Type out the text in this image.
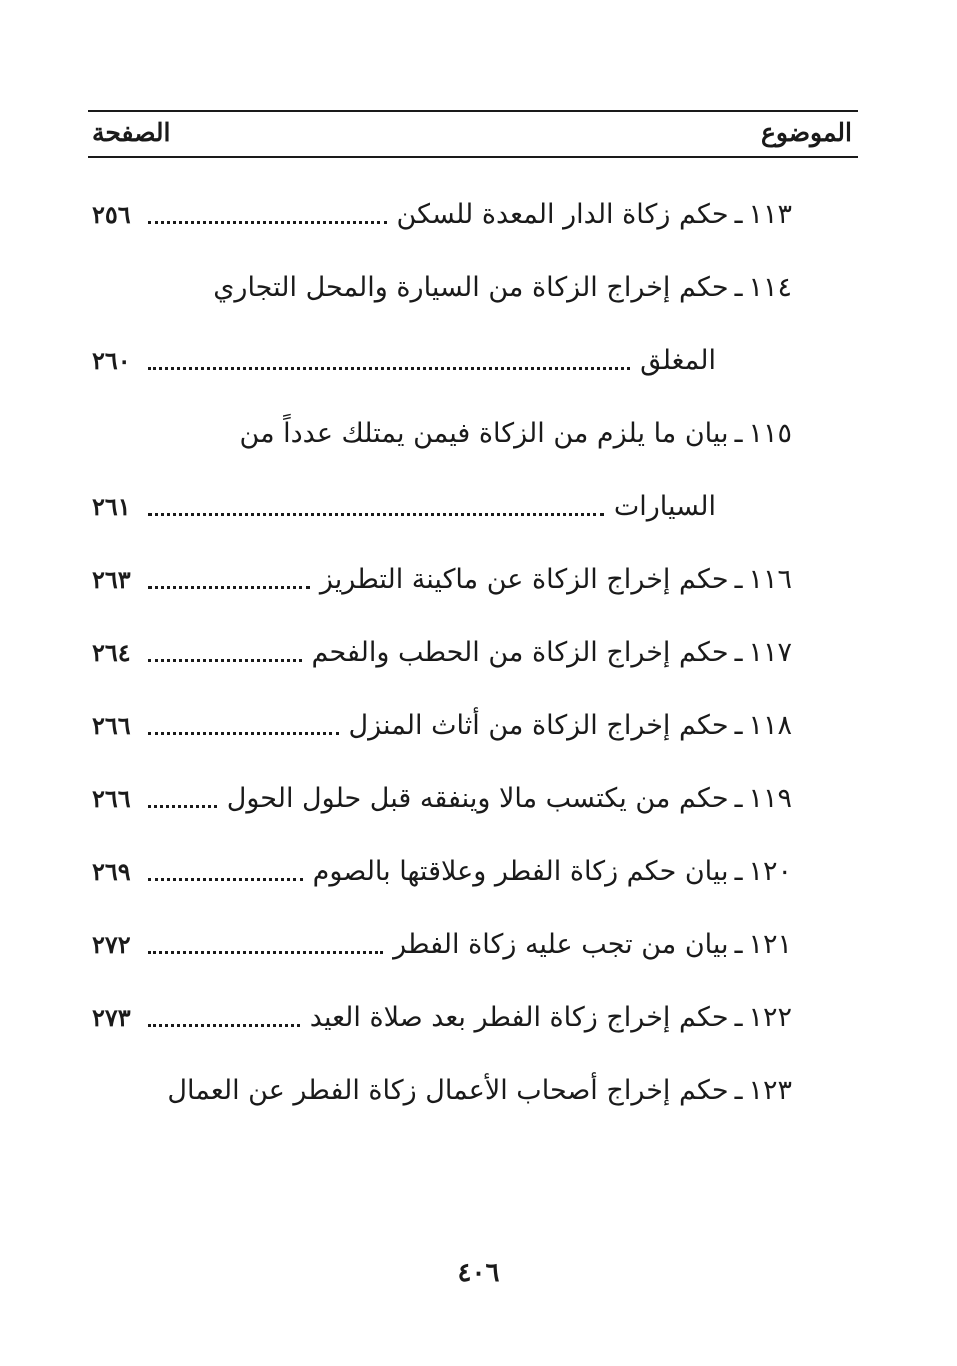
الموضوع
الصفحة
١١٣
ـ
حكم زكاة الدار المعدة للسكن
٢٥٦
١١٤
ـ
حكم إخراج الزكاة من السيارة والمحل التجاري
المغلق
٢٦٠
١١٥
ـ
بيان ما يلزم من الزكاة فيمن يمتلك عدداً من
السيارات
٢٦١
١١٦
ـ
حكم إخراج الزكاة عن ماكينة التطريز
٢٦٣
١١٧
ـ
حكم إخراج الزكاة من الحطب والفحم
٢٦٤
١١٨
ـ
حكم إخراج الزكاة من أثاث المنزل
٢٦٦
١١٩
ـ
حكم من يكتسب مالا وينفقه قبل حلول الحول
٢٦٦
١٢٠
ـ
بيان حكم زكاة الفطر وعلاقتها بالصوم
٢٦٩
١٢١
ـ
بيان من تجب عليه زكاة الفطر
٢٧٢
١٢٢
ـ
حكم إخراج زكاة الفطر بعد صلاة العيد
٢٧٣
١٢٣
ـ
حكم إخراج أصحاب الأعمال زكاة الفطر عن العمال
٤٠٦
